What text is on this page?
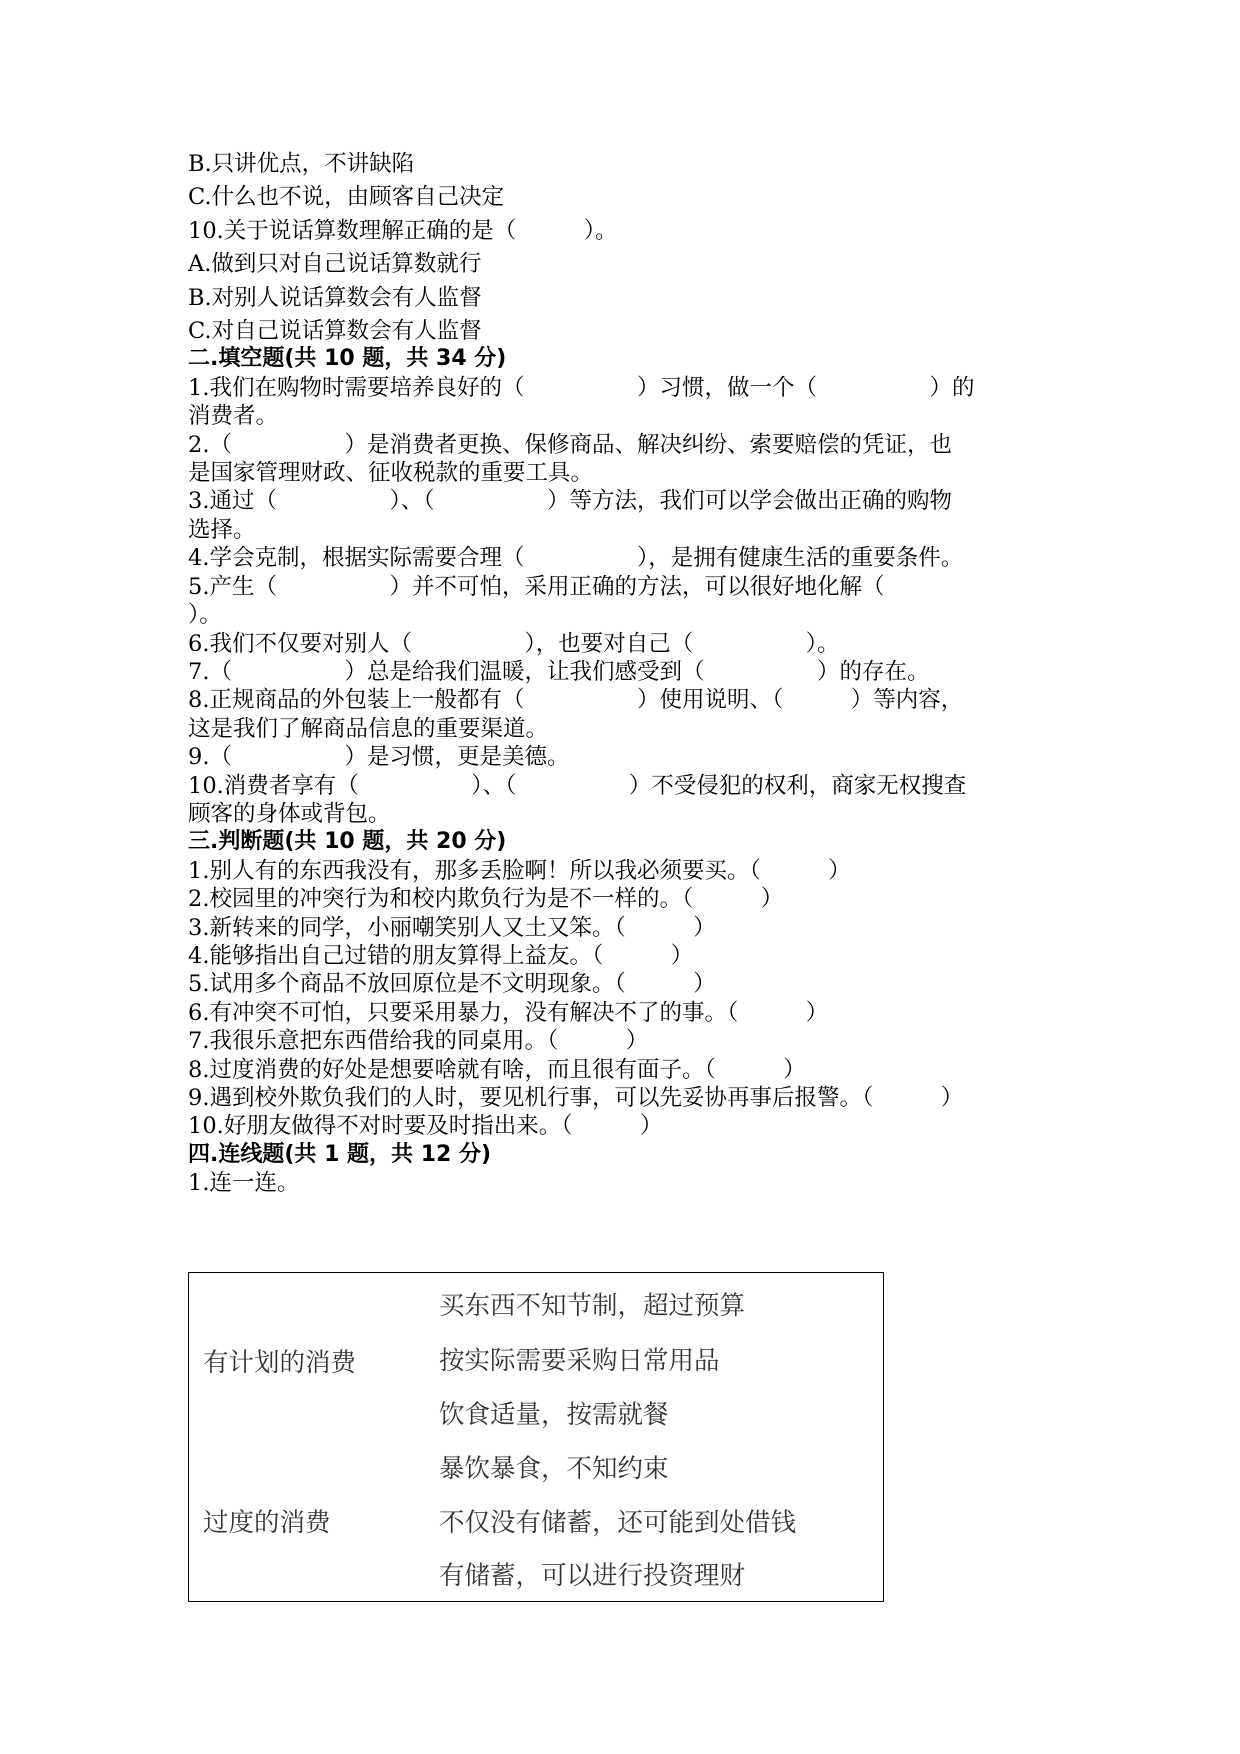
B.只讲优点，不讲缺陷
C.什么也不说，由顾客自己决定
10.关于说话算数理解正确的是（　　　）。
A.做到只对自己说话算数就行
B.对别人说话算数会有人监督
C.对自己说话算数会有人监督
二.填空题(共 10 题，共 34 分)
1.我们在购物时需要培养良好的（　　　　　）习惯，做一个（　　　　　）的
消费者。
2.（　　　　　）是消费者更换、保修商品、解决纠纷、索要赔偿的凭证，也
是国家管理财政、征收税款的重要工具。
3.通过（　　　　　）、（　　　　　）等方法，我们可以学会做出正确的购物
选择。
4.学会克制，根据实际需要合理（　　　　　），是拥有健康生活的重要条件。
5.产生（　　　　　）并不可怕，采用正确的方法，可以很好地化解（
）。
6.我们不仅要对别人（　　　　　），也要对自己（　　　　　）。
7.（　　　　　）总是给我们温暖，让我们感受到（　　　　　）的存在。
8.正规商品的外包装上一般都有（　　　　　）使用说明、（　　　）等内容，
这是我们了解商品信息的重要渠道。
9.（　　　　　）是习惯，更是美德。
10.消费者享有（　　　　　）、（　　　　　）不受侵犯的权利，商家无权搜查
顾客的身体或背包。
三.判断题(共 10 题，共 20 分)
1.别人有的东西我没有，那多丢脸啊！所以我必须要买。（　　　）
2.校园里的冲突行为和校内欺负行为是不一样的。（　　　）
3.新转来的同学，小丽嘲笑别人又土又笨。（　　　）
4.能够指出自己过错的朋友算得上益友。（　　　）
5.试用多个商品不放回原位是不文明现象。（　　　）
6.有冲突不可怕，只要采用暴力，没有解决不了的事。（　　　）
7.我很乐意把东西借给我的同桌用。（　　　）
8.过度消费的好处是想要啥就有啥，而且很有面子。（　　　）
9.遇到校外欺负我们的人时，要见机行事，可以先妥协再事后报警。（　　　）
10.好朋友做得不对时要及时指出来。（　　　）
四.连线题(共 1 题，共 12 分)
1.连一连。
有计划的消费
过度的消费
买东西不知节制，超过预算
按实际需要采购日常用品
饮食适量，按需就餐
暴饮暴食，不知约束
不仅没有储蓄，还可能到处借钱
有储蓄，可以进行投资理财
